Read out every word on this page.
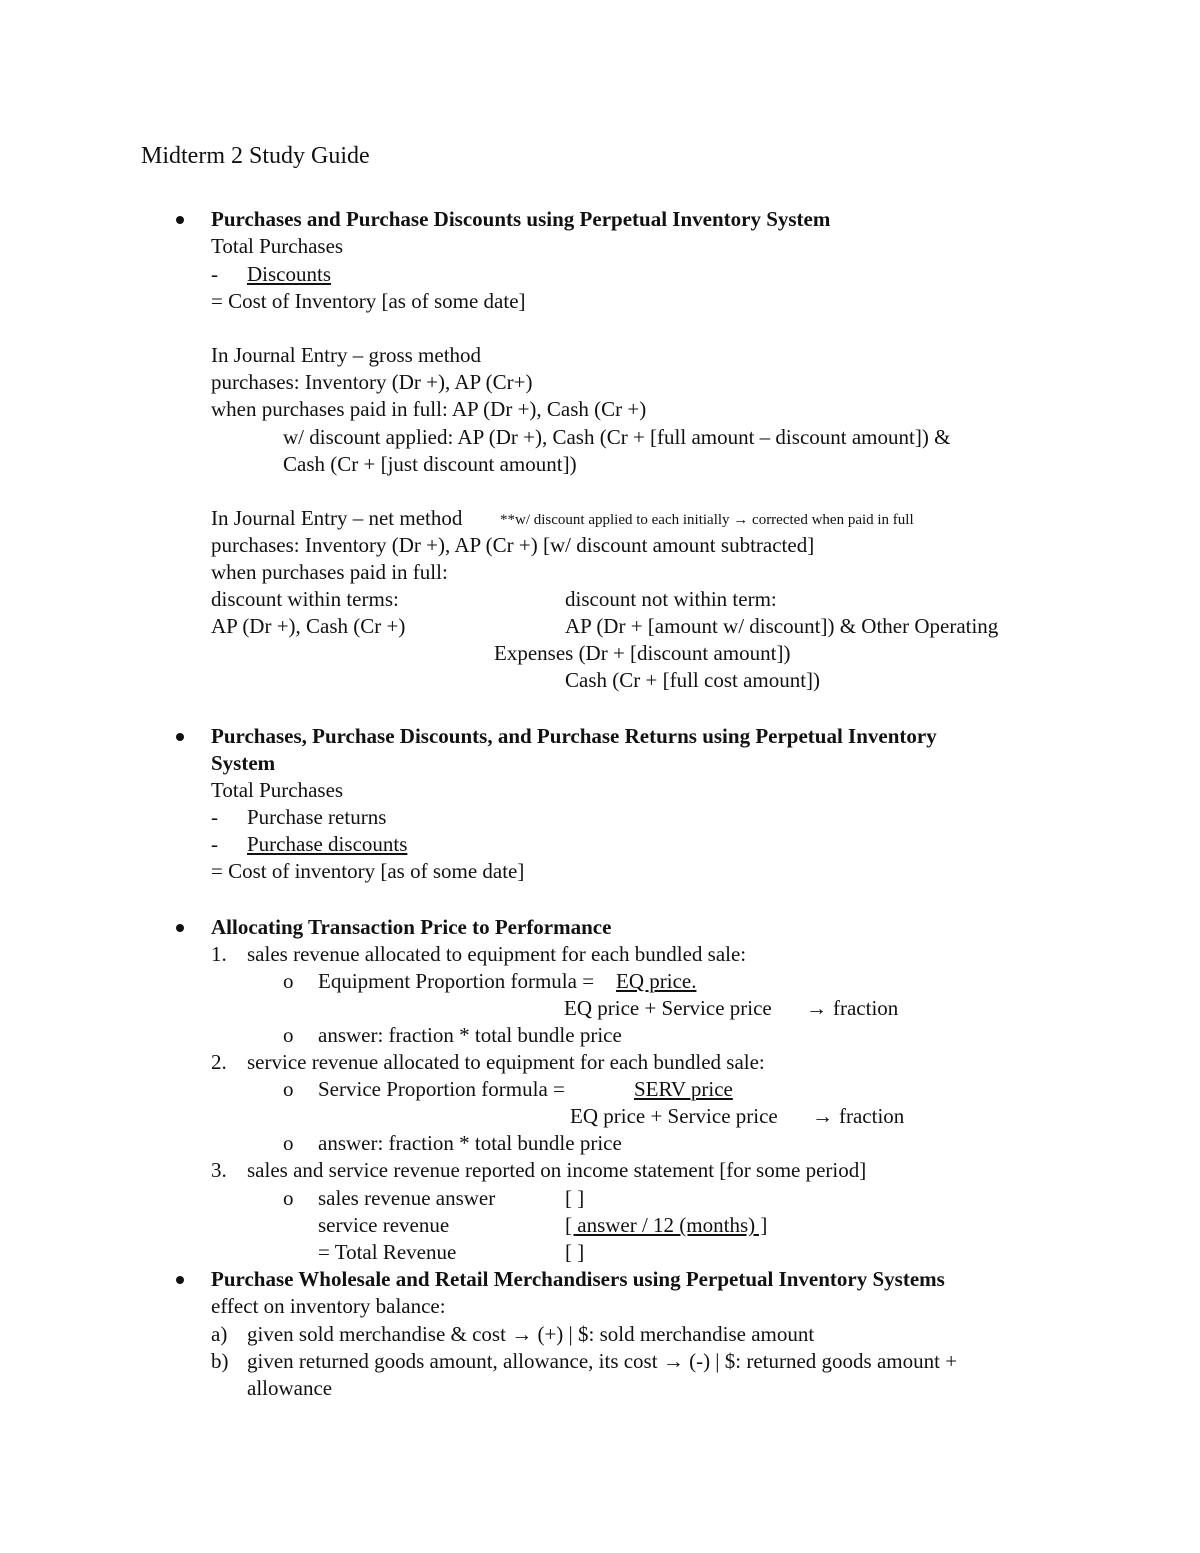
Midterm 2 Study Guide
Purchases and Purchase Discounts using Perpetual Inventory System
Total Purchases
- Discounts
= Cost of Inventory [as of some date]
In Journal Entry – gross method
purchases: Inventory (Dr +), AP (Cr+)
when purchases paid in full: AP (Dr +), Cash (Cr +)
w/ discount applied: AP (Dr +), Cash (Cr + [full amount – discount amount]) &
Cash (Cr + [just discount amount])
In Journal Entry – net method	**w/ discount applied to each initially → corrected when paid in full
purchases: Inventory (Dr +), AP (Cr +) [w/ discount amount subtracted]
when purchases paid in full:
discount within terms:	discount not within term:
AP (Dr +), Cash (Cr +)	AP (Dr + [amount w/ discount]) & Other Operating
Expenses (Dr + [discount amount])
Cash (Cr + [full cost amount])
Purchases, Purchase Discounts, and Purchase Returns using Perpetual Inventory
System
Total Purchases
- Purchase returns
- Purchase discounts
= Cost of inventory [as of some date]
Allocating Transaction Price to Performance
1. sales revenue allocated to equipment for each bundled sale:
o Equipment Proportion formula = EQ price.
EQ price + Service price → fraction
o answer: fraction * total bundle price
2. service revenue allocated to equipment for each bundled sale:
o Service Proportion formula =	SERV price
EQ price + Service price → fraction
o answer: fraction * total bundle price
3. sales and service revenue reported on income statement [for some period]
o sales revenue answer	[ ]
service revenue	[ answer / 12 (months) ]
= Total Revenue	[ ]
Purchase Wholesale and Retail Merchandisers using Perpetual Inventory Systems
effect on inventory balance:
a) given sold merchandise & cost → (+) | $: sold merchandise amount
b) given returned goods amount, allowance, its cost → (-) | $: returned goods amount +
allowance
